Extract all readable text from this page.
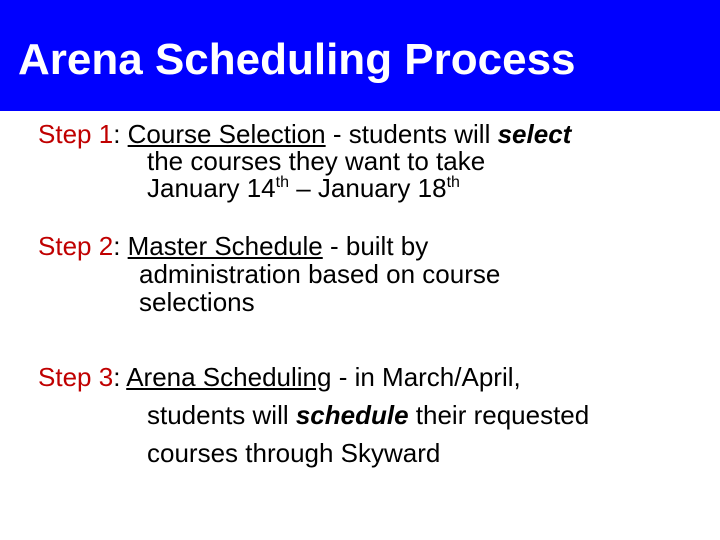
Arena Scheduling Process
Step 1: Course Selection - students will select
the courses they want to take
January 14th – January 18th
Step 2: Master Schedule - built by
administration based on course
selections
Step 3: Arena Scheduling - in March/April,
students will schedule their requested
courses through Skyward
